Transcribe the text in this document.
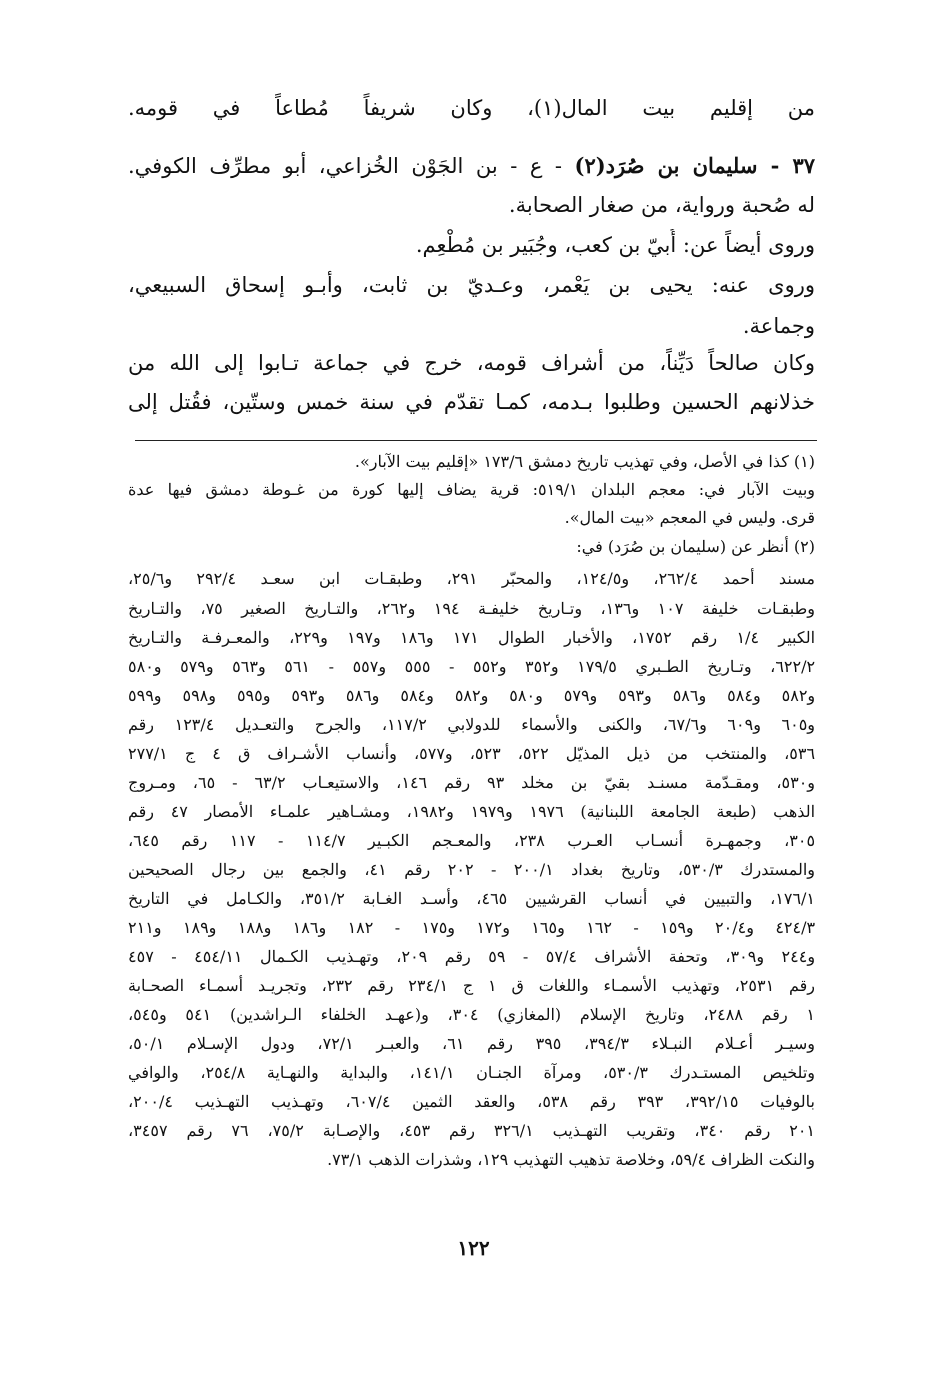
من إقليم بيت المال(١)، وكان شريفاً مُطاعاً في قومه.
٣٧ - سليمان بن صُرَد(٢) - ع - بن الجَوْن الخُزاعي، أبو مطرِّف الكوفي.
له صُحبة ورواية، من صغار الصحابة.
وروى أيضاً عن: أُبيّ بن كعب، وجُبَير بن مُطْعِم.
وروى عنه: يحيى بن يَعْمر، وعـديّ بن ثابت، وأبـو إسحاق السبيعي،
وجماعة.
وكان صالحاً دَيِّناً، من أشراف قومه، خرج في جماعة تـابوا إلى الله من
خذلانهم الحسين وطلبوا بـدمه، كمـا تقدّم في سنة خمس وستّين، فقُتل إلى
(١) كذا في الأصل، وفي تهذيب تاريخ دمشق ١٧٣/٦ «إقليم بيت الآبار».
وبيت الآبار في: معجم البلدان ٥١٩/١: قرية يضاف إليها كورة من غـوطة دمشق فيها عدة
قرى. وليس في المعجم «بيت المال».
(٢) أنظر عن (سليمان بن صُرَد) في:
مسند أحمد ٢٦٢/٤، و١٢٤/٥، والمحبّر ٢٩١، وطبقـات ابن سعـد ٢٩٢/٤ و٢٥/٦،
وطبقـات خليفة ١٠٧ و١٣٦، وتـاريخ خليفـة ١٩٤ و٢٦٢، والتـاريخ الصغير ٧٥، والتـاريخ
الكبير ١/٤ رقم ١٧٥٢، والأخبار الطوال ١٧١ و١٨٦ و١٩٧ و٢٢٩، والمعـرفـة والتـاريخ
٦٢٢/٢، وتـاريخ الطـبري ١٧٩/٥ و٣٥٢ و٥٥٢ - ٥٥٥ و٥٥٧ - ٥٦١ و٥٦٣ و٥٧٩ و٥٨٠
و٥٨٢ و٥٨٤ و٥٨٦ و٥٩٣ و٥٧٩ و٥٨٠ و٥٨٢ و٥٨٤ و٥٨٦ و٥٩٣ و٥٩٥ و٥٩٨ و٥٩٩
و٦٠٥ و٦٠٩ و٦٧/٦، والكنى والأسماء للدولابي ١١٧/٢، والجرح والتعـديل ١٢٣/٤ رقم
٥٣٦، والمنتخب من ذيل المذيّل ٥٢٢، ٥٢٣، و٥٧٧، وأنساب الأشـراف ق ٤ ج ٢٧٧/١
و٥٣٠، ومقـدّمة مسنـد بقيّ بن مخلد ٩٣ رقم ١٤٦، والاستيعـاب ٦٣/٢ - ٦٥، ومـروج
الذهب (طبعة الجامعة اللبنانية) ١٩٧٦ و١٩٧٩ و١٩٨٢، ومشـاهير علمـاء الأمصار ٤٧ رقم
٣٠٥، وجمهـرة أنسـاب العـرب ٢٣٨، والمعـجم الكبـير ١١٤/٧ - ١١٧ رقم ٦٤٥،
والمستدرك ٥٣٠/٣، وتاريخ بغداد ٢٠٠/١ - ٢٠٢ رقم ٤١، والجمع بين رجال الصحيحين
١٧٦/١، والتبيين في أنساب القرشيين ٤٦٥، وأسـد الغـابة ٣٥١/٢، والكـامل في التاريخ
٤٢٤/٣ و٢٠/٤ و١٥٩ - ١٦٢ و١٦٥ و١٧٢ و١٧٥ - ١٨٢ و١٨٦ و١٨٨ و١٨٩ و٢١١
و٢٤٤ و٣٠٩، وتحفة الأشراف ٥٧/٤ - ٥٩ رقم ٢٠٩، وتهـذيب الكـمال ٤٥٤/١١ - ٤٥٧
رقم ٢٥٣١، وتهذيب الأسمـاء واللغات ق ١ ج ٢٣٤/١ رقم ٢٣٢، وتجريـد أسمـاء الصحـابة
١ رقم ٢٤٨٨، وتاريخ الإسلام (المغازي) ٣٠٤، و(عهـد الخلفاء الـراشدين) ٥٤١ و٥٤٥،
وسيـر أعـلام النبـلاء ٣٩٤/٣، ٣٩٥ رقم ٦١، والعبـر ٧٢/١، ودول الإسـلام ٥٠/١،
وتلخيص المستـدرك ٥٣٠/٣، ومرآة الجنـان ١٤١/١، والبداية والنهـاية ٢٥٤/٨، والوافي
بالوفيات ٣٩٢/١٥، ٣٩٣ رقم ٥٣٨، والعقد الثمين ٦٠٧/٤، وتهـذيب التهـذيب ٢٠٠/٤،
٢٠١ رقم ٣٤٠، وتقريب التهـذيب ٣٢٦/١ رقم ٤٥٣، والإصـابة ٧٥/٢، ٧٦ رقم ٣٤٥٧،
والنكت الظراف ٥٩/٤، وخلاصة تذهيب التهذيب ١٢٩، وشذرات الذهب ٧٣/١.
١٢٢
